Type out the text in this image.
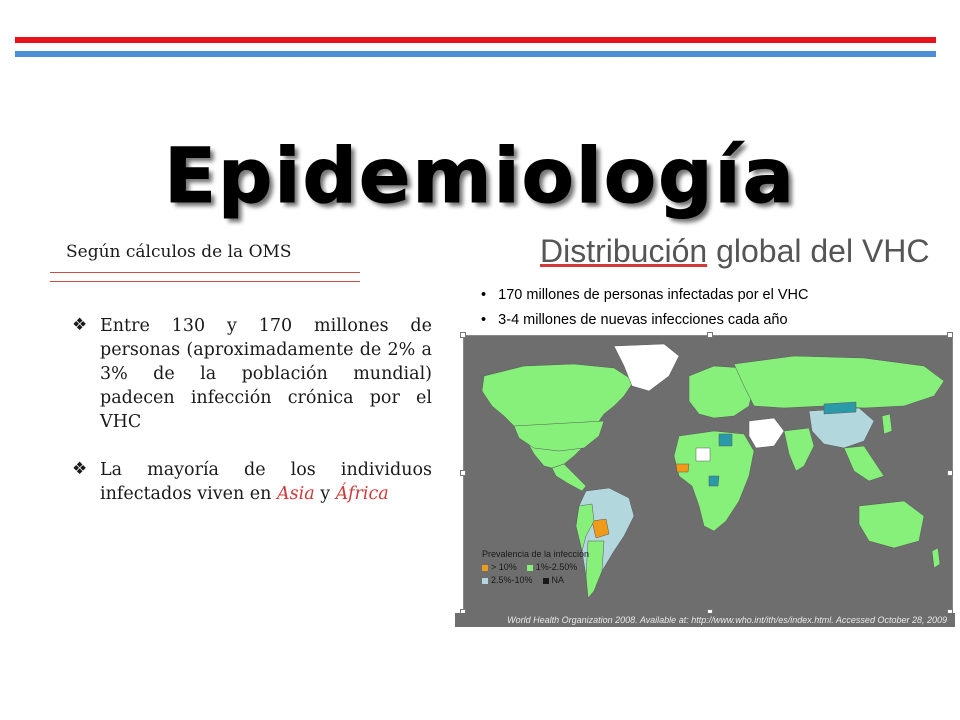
Epidemiología
Según cálculos de la OMS
❖ Entre 130 y 170 millones de personas (aproximadamente de 2% a 3% de la población mundial) padecen infección crónica por el VHC
❖ La mayoría de los individuos infectados viven en Asia y África
Distribución global del VHC
•   170 millones de personas infectadas por el VHC
•   3-4 millones de nuevas infecciones cada año
Prevalencia de la infección
> 10%	1%-2.50%
2.5%-10%	NA
World Health Organization 2008. Available at: http://www.who.int/ith/es/index.html. Accessed October 28, 2009
